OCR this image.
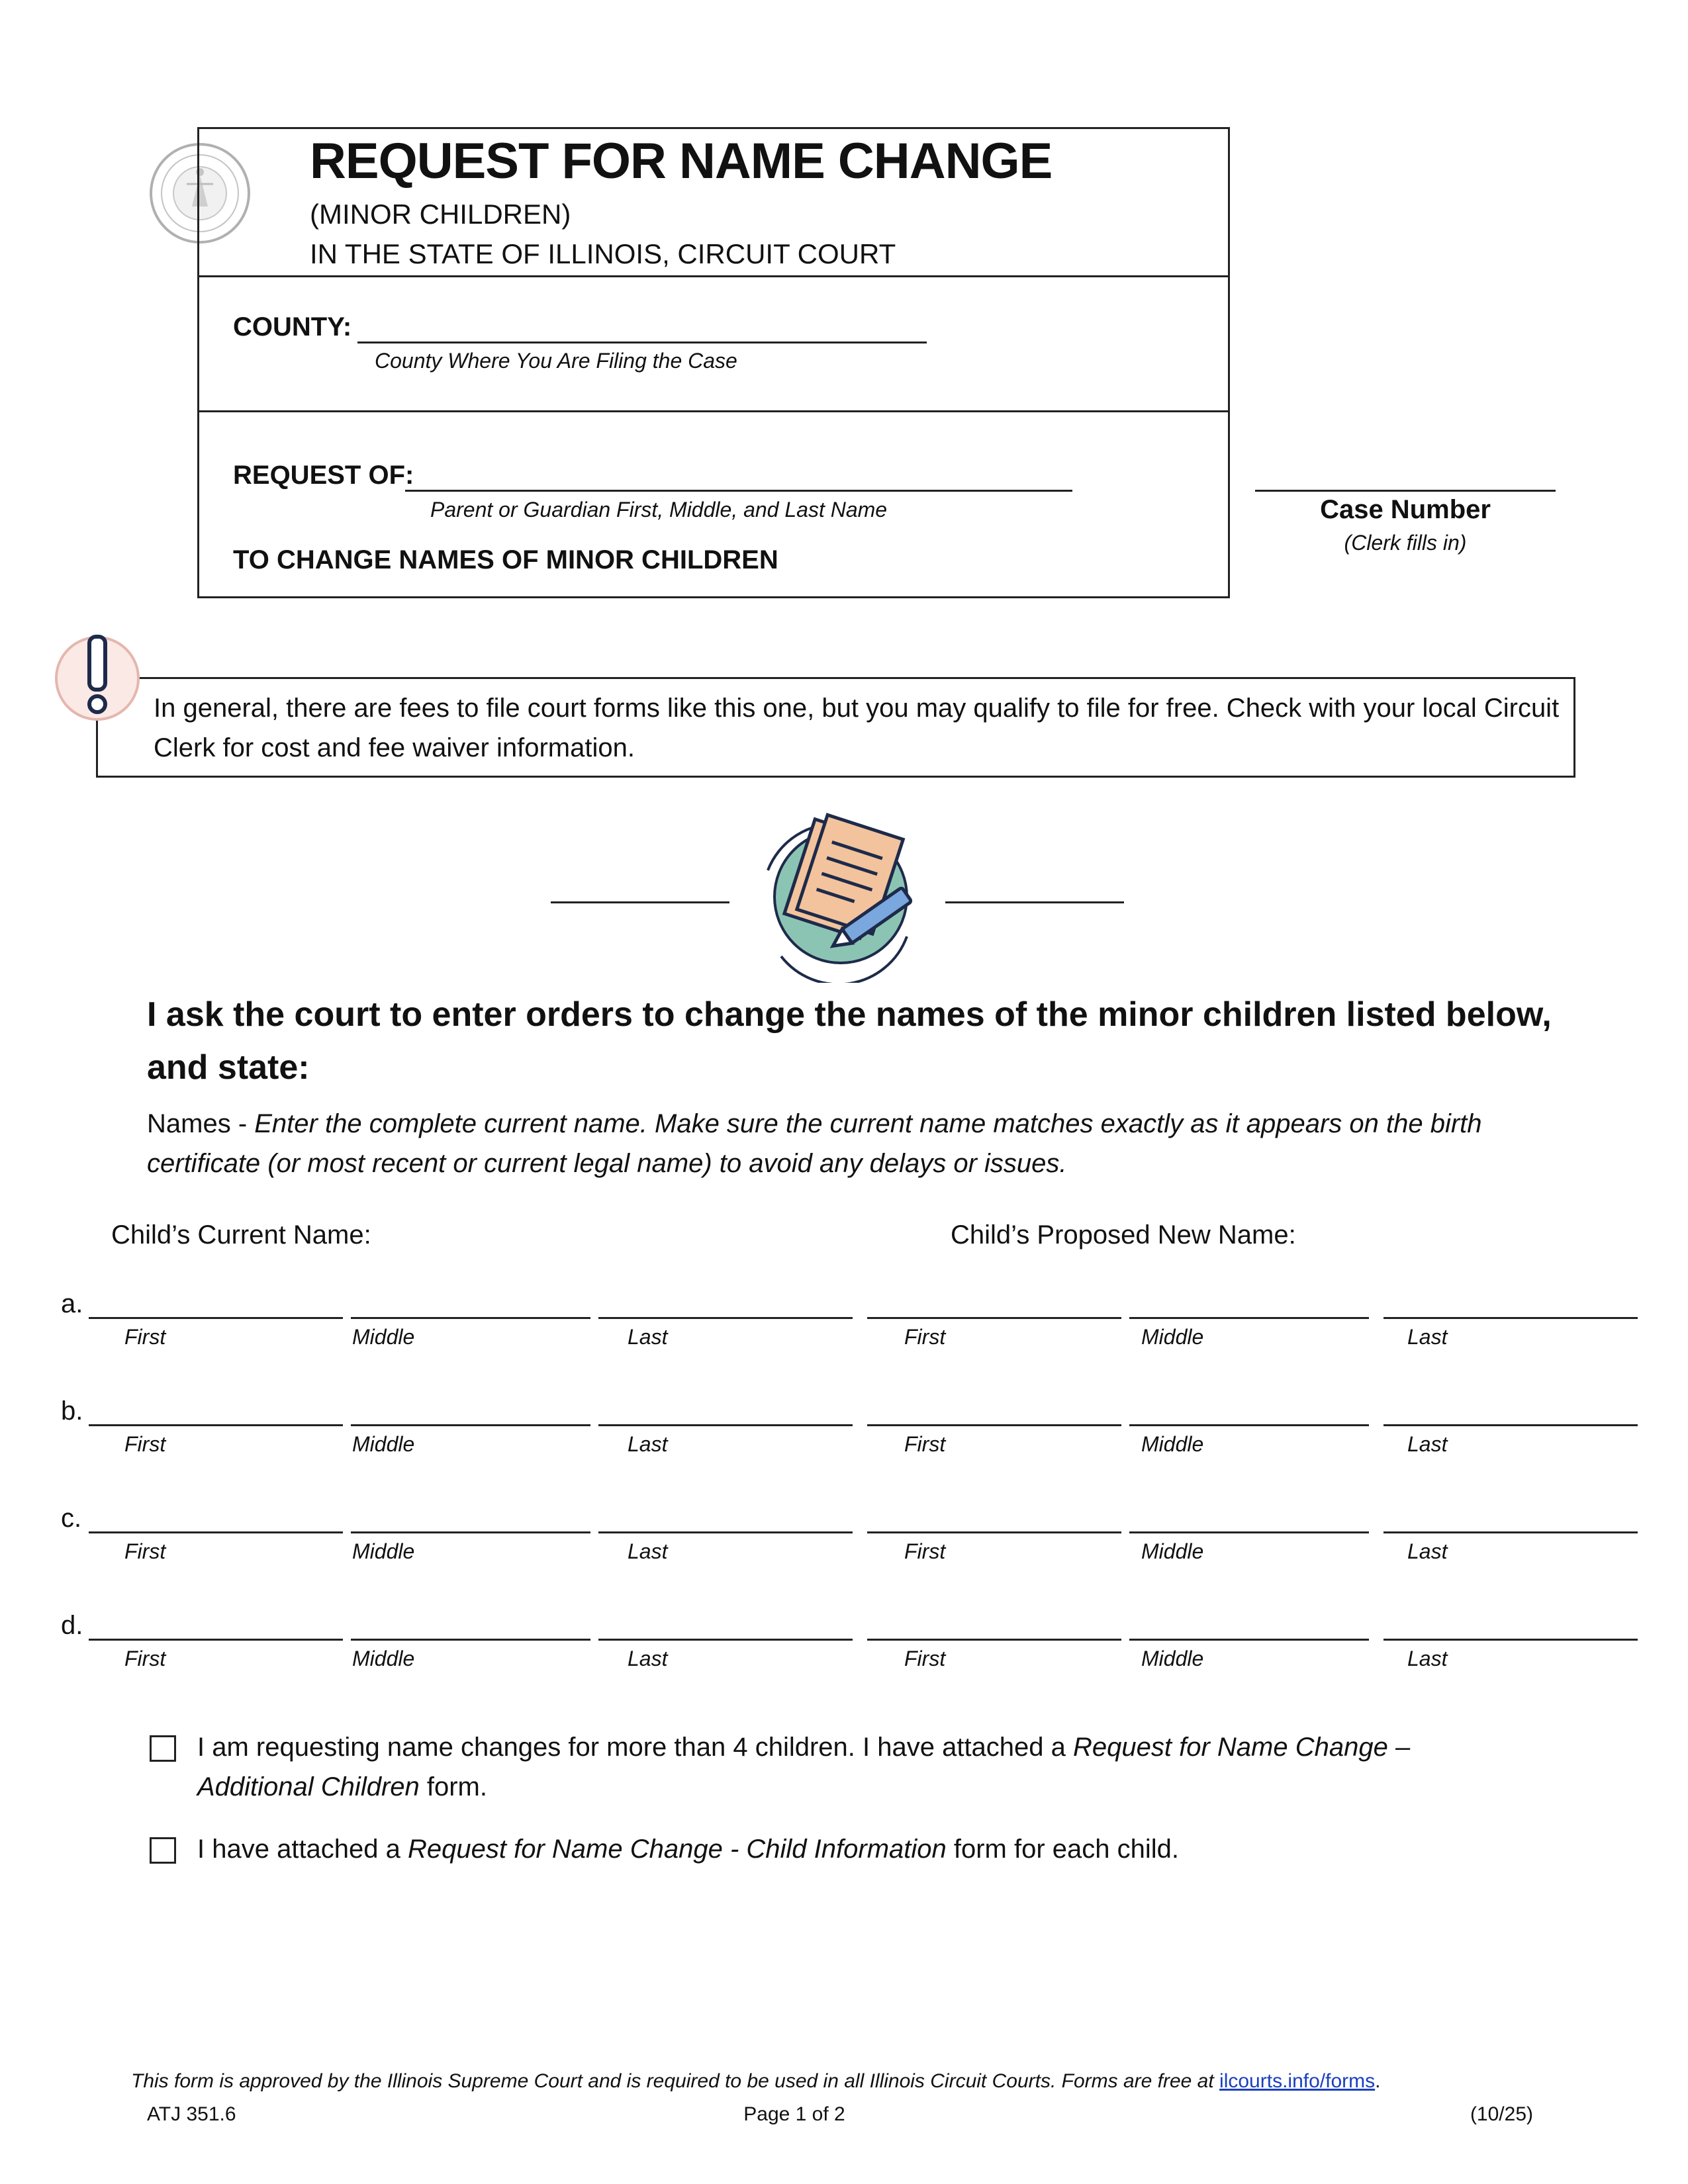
REQUEST FOR NAME CHANGE
(MINOR CHILDREN)
IN THE STATE OF ILLINOIS, CIRCUIT COURT
COUNTY:
County Where You Are Filing the Case
REQUEST OF:
Parent or Guardian First, Middle, and Last Name
TO CHANGE NAMES OF MINOR CHILDREN
Case Number
(Clerk fills in)
In general, there are fees to file court forms like this one, but you may qualify to file for free. Check with your local Circuit Clerk for cost and fee waiver information.
I ask the court to enter orders to change the names of the minor children listed below, and state:
Names - Enter the complete current name. Make sure the current name matches exactly as it appears on the birth certificate (or most recent or current legal name) to avoid any delays or issues.
Child’s Current Name:	Child’s Proposed New Name:
a.
First	Middle	Last	First	Middle	Last
b.
First	Middle	Last	First	Middle	Last
c.
First	Middle	Last	First	Middle	Last
d.
First	Middle	Last	First	Middle	Last
I am requesting name changes for more than 4 children. I have attached a Request for Name Change –
Additional Children form.
I have attached a Request for Name Change - Child Information form for each child.
This form is approved by the Illinois Supreme Court and is required to be used in all Illinois Circuit Courts. Forms are free at ilcourts.info/forms.
ATJ 351.6	Page 1 of 2	(10/25)
